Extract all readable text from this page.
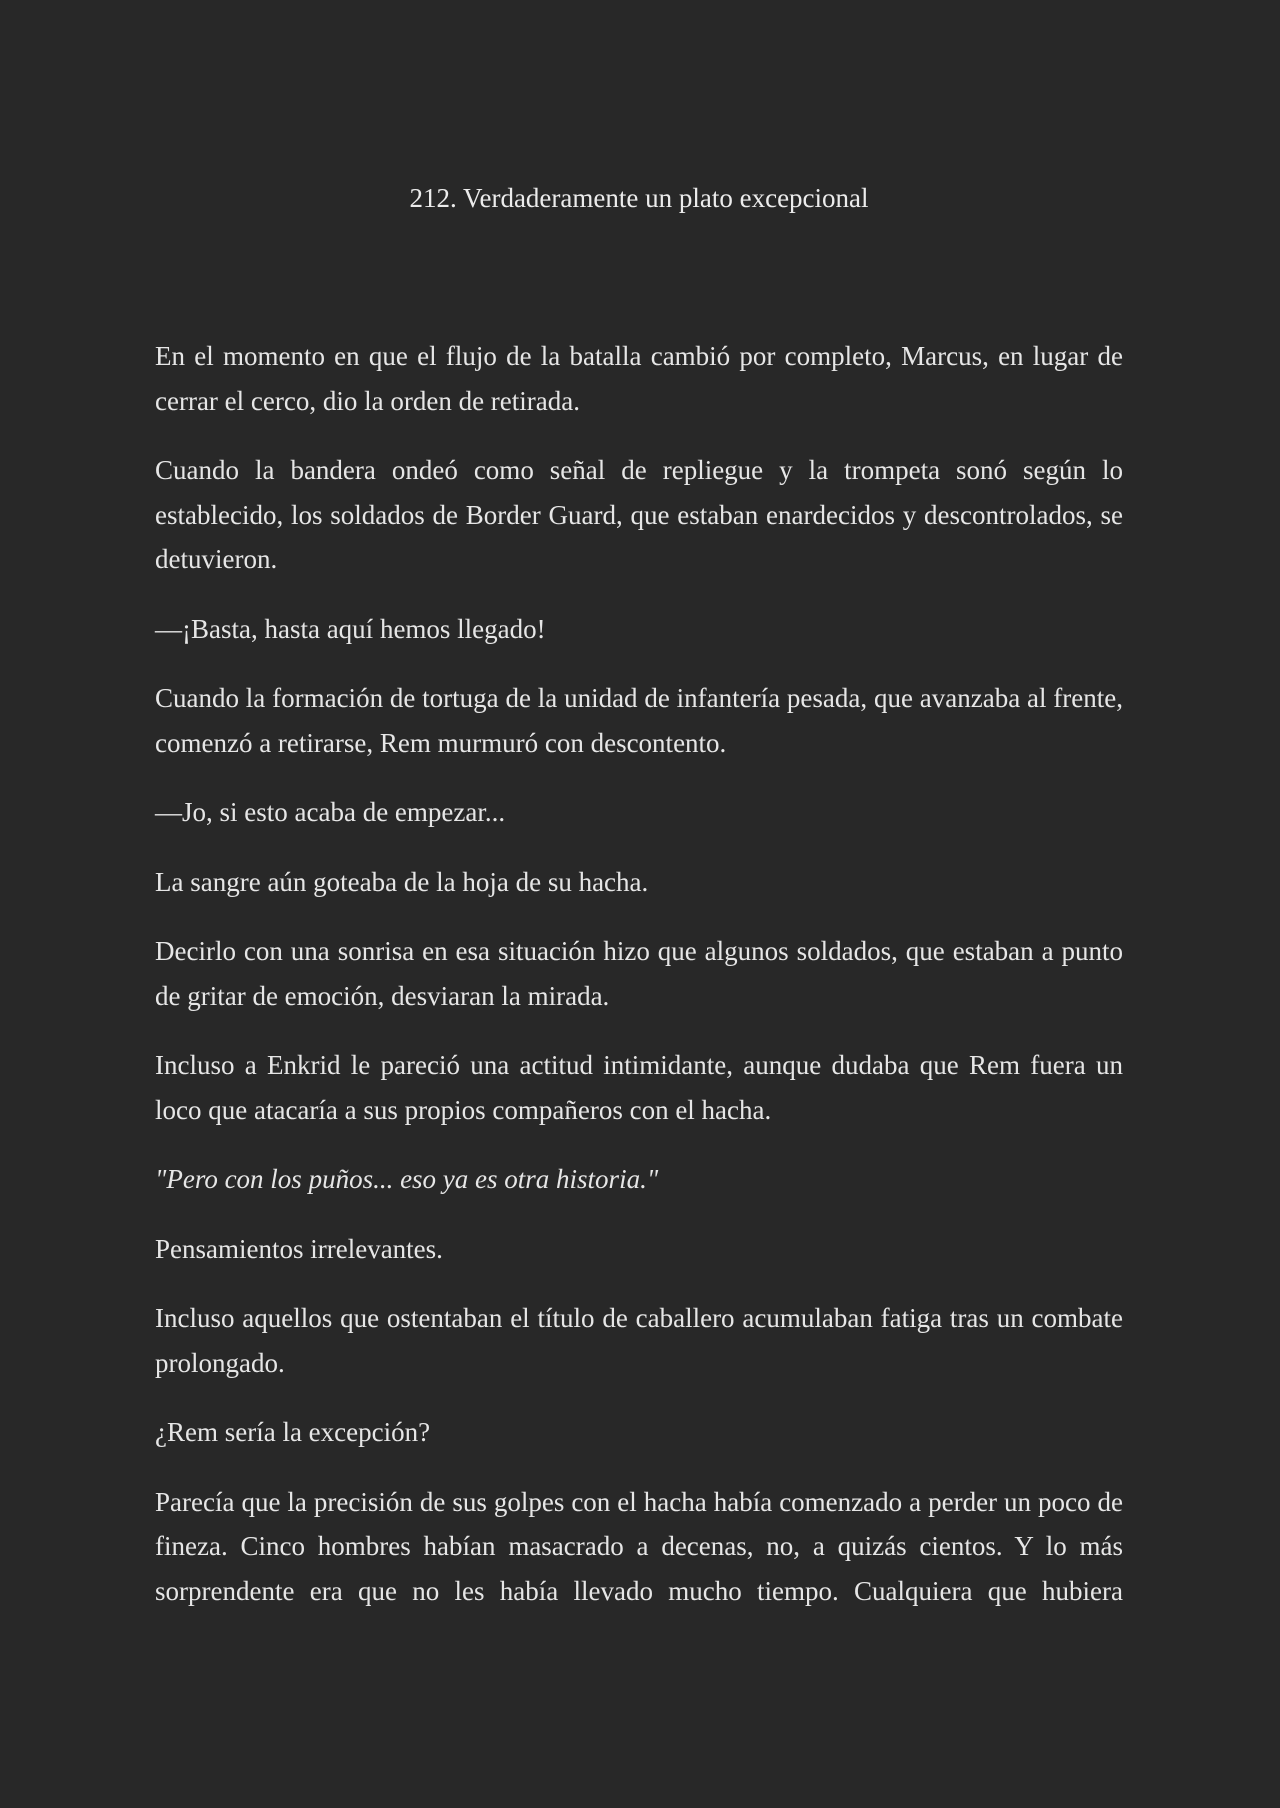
212. Verdaderamente un plato excepcional

En el momento en que el flujo de la batalla cambió por completo, Marcus, en lugar de cerrar el cerco, dio la orden de retirada.

Cuando la bandera ondeó como señal de repliegue y la trompeta sonó según lo establecido, los soldados de Border Guard, que estaban enardecidos y descontrolados, se detuvieron.

—¡Basta, hasta aquí hemos llegado!

Cuando la formación de tortuga de la unidad de infantería pesada, que avanzaba al frente, comenzó a retirarse, Rem murmuró con descontento.

—Jo, si esto acaba de empezar...

La sangre aún goteaba de la hoja de su hacha.

Decirlo con una sonrisa en esa situación hizo que algunos soldados, que estaban a punto de gritar de emoción, desviaran la mirada.

Incluso a Enkrid le pareció una actitud intimidante, aunque dudaba que Rem fuera un loco que atacaría a sus propios compañeros con el hacha.

"Pero con los puños... eso ya es otra historia."

Pensamientos irrelevantes.

Incluso aquellos que ostentaban el título de caballero acumulaban fatiga tras un combate prolongado.

¿Rem sería la excepción?

Parecía que la precisión de sus golpes con el hacha había comenzado a perder un poco de fineza. Cinco hombres habían masacrado a decenas, no, a quizás cientos. Y lo más sorprendente era que no les había llevado mucho tiempo. Cualquiera que hubiera
